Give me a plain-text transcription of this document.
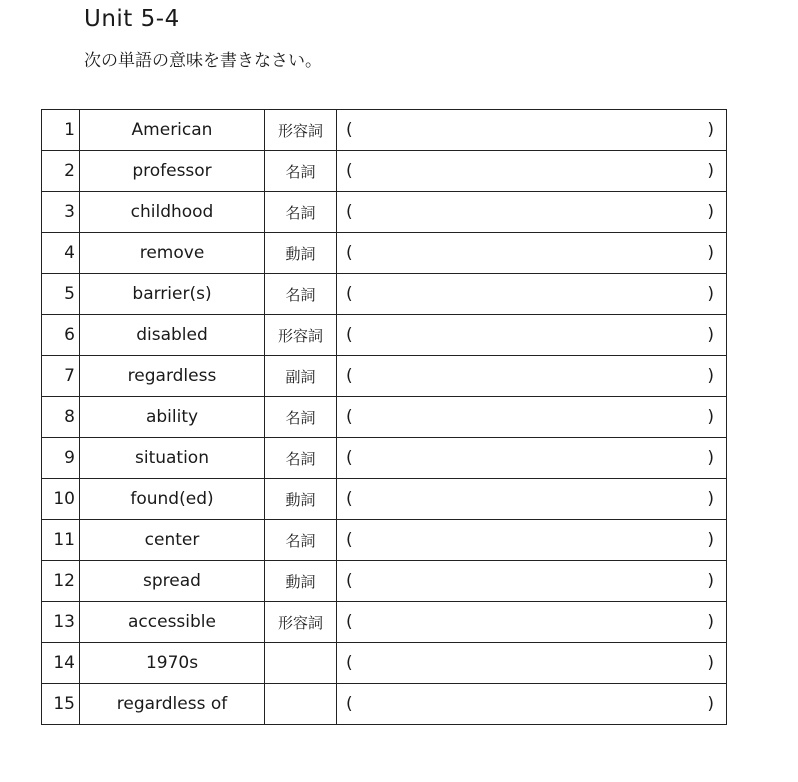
Unit 5-4
次の単語の意味を書きなさい。
1	American	形容詞	( )

2	professor	名詞	( )

3	childhood	名詞	( )

4	remove	動詞	( )

5	barrier(s)	名詞	( )

6	disabled	形容詞	( )

7	regardless	副詞	( )

8	ability	名詞	( )

9	situation	名詞	( )

10	found(ed)	動詞	( )

11	center	名詞	( )

12	spread	動詞	( )

13	accessible	形容詞	( )

14	1970s		( )

15	regardless of		( )
